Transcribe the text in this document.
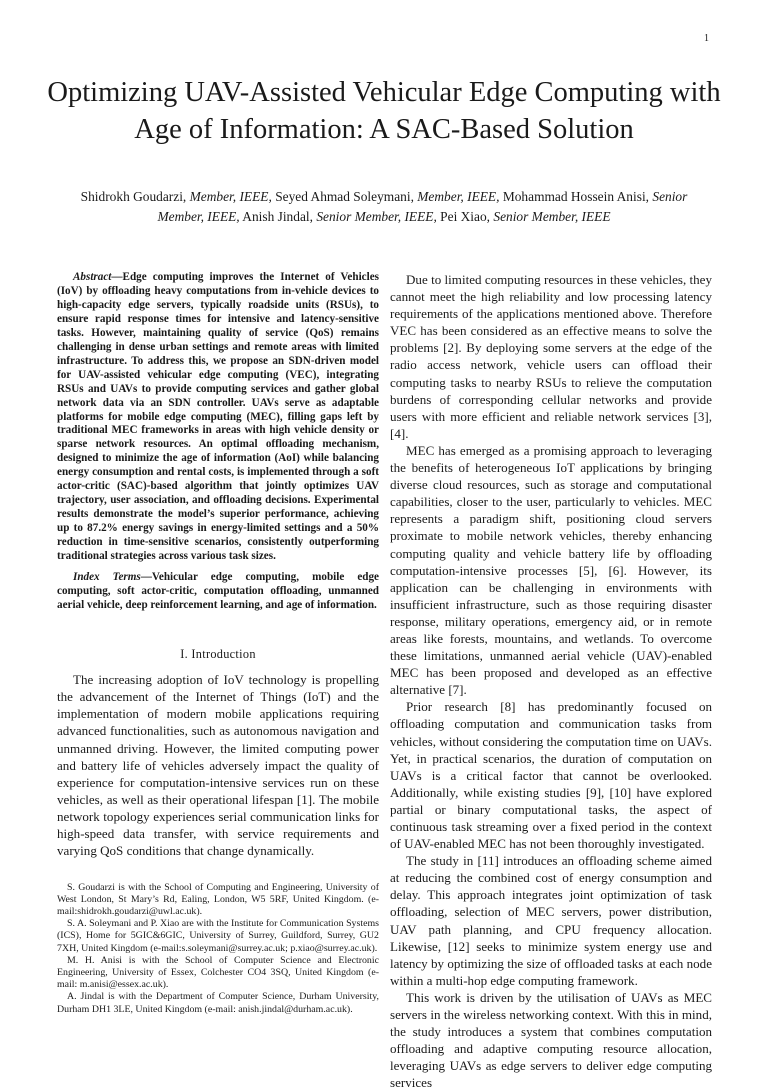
1
Optimizing UAV-Assisted Vehicular Edge Computing with Age of Information: A SAC-Based Solution
Shidrokh Goudarzi, Member, IEEE, Seyed Ahmad Soleymani, Member, IEEE, Mohammad Hossein Anisi, Senior Member, IEEE, Anish Jindal, Senior Member, IEEE, Pei Xiao, Senior Member, IEEE

Abstract—Edge computing improves the Internet of Vehicles (IoV) by offloading heavy computations from in-vehicle devices to high-capacity edge servers, typically roadside units (RSUs), to ensure rapid response times for intensive and latency-sensitive tasks. However, maintaining quality of service (QoS) remains challenging in dense urban settings and remote areas with limited infrastructure. To address this, we propose an SDN-driven model for UAV-assisted vehicular edge computing (VEC), integrating RSUs and UAVs to provide computing services and gather global network data via an SDN controller. UAVs serve as adaptable platforms for mobile edge computing (MEC), filling gaps left by traditional MEC frameworks in areas with high vehicle density or sparse network resources. An optimal offloading mechanism, designed to minimize the age of information (AoI) while balancing energy consumption and rental costs, is implemented through a soft actor-critic (SAC)-based algorithm that jointly optimizes UAV trajectory, user association, and offloading decisions. Experimental results demonstrate the model’s superior performance, achieving up to 87.2% energy savings in energy-limited settings and a 50% reduction in time-sensitive scenarios, consistently outperforming traditional strategies across various task sizes.

Index Terms—Vehicular edge computing, mobile edge computing, soft actor-critic, computation offloading, unmanned aerial vehicle, deep reinforcement learning, and age of information.

I. Introduction

The increasing adoption of IoV technology is propelling the advancement of the Internet of Things (IoT) and the implementation of modern mobile applications requiring advanced functionalities, such as autonomous navigation and unmanned driving. However, the limited computing power and battery life of vehicles adversely impact the quality of experience for computation-intensive services run on these vehicles, as well as their operational lifespan [1]. The mobile network topology experiences serial communication links for high-speed data transfer, with service requirements and varying QoS conditions that change dynamically.

S. Goudarzi is with the School of Computing and Engineering, University of West London, St Mary’s Rd, Ealing, London, W5 5RF, United Kingdom. (e-mail:shidrokh.goudarzi@uwl.ac.uk).

S. A. Soleymani and P. Xiao are with the Institute for Communication Systems (ICS), Home for 5GIC&6GIC, University of Surrey, Guildford, Surrey, GU2 7XH, United Kingdom (e-mail:s.soleymani@surrey.ac.uk; p.xiao@surrey.ac.uk).

M. H. Anisi is with the School of Computer Science and Electronic Engineering, University of Essex, Colchester CO4 3SQ, United Kingdom (e-mail: m.anisi@essex.ac.uk).

A. Jindal is with the Department of Computer Science, Durham University, Durham DH1 3LE, United Kingdom (e-mail: anish.jindal@durham.ac.uk).

Due to limited computing resources in these vehicles, they cannot meet the high reliability and low processing latency requirements of the applications mentioned above. Therefore VEC has been considered as an effective means to solve the problems [2]. By deploying some servers at the edge of the radio access network, vehicle users can offload their computing tasks to nearby RSUs to relieve the computation burdens of corresponding cellular networks and provide users with more efficient and reliable network services [3], [4].

MEC has emerged as a promising approach to leveraging the benefits of heterogeneous IoT applications by bringing diverse cloud resources, such as storage and computational capabilities, closer to the user, particularly to vehicles. MEC represents a paradigm shift, positioning cloud servers proximate to mobile network vehicles, thereby enhancing computing quality and vehicle battery life by offloading computation-intensive processes [5], [6]. However, its application can be challenging in environments with insufficient infrastructure, such as those requiring disaster response, military operations, emergency aid, or in remote areas like forests, mountains, and wetlands. To overcome these limitations, unmanned aerial vehicle (UAV)-enabled MEC has been proposed and developed as an effective alternative [7].

Prior research [8] has predominantly focused on offloading computation and communication tasks from vehicles, without considering the computation time on UAVs. Yet, in practical scenarios, the duration of computation on UAVs is a critical factor that cannot be overlooked. Additionally, while existing studies [9], [10] have explored partial or binary computational tasks, the aspect of continuous task streaming over a fixed period in the context of UAV-enabled MEC has not been thoroughly investigated.

The study in [11] introduces an offloading scheme aimed at reducing the combined cost of energy consumption and delay. This approach integrates joint optimization of task offloading, selection of MEC servers, power distribution, UAV path planning, and CPU frequency allocation. Likewise, [12] seeks to minimize system energy use and latency by optimizing the size of offloaded tasks at each node within a multi-hop edge computing framework.

This work is driven by the utilisation of UAVs as MEC servers in the wireless networking context. With this in mind, the study introduces a system that combines computation offloading and adaptive computing resource allocation, leveraging UAVs as edge servers to deliver edge computing services
